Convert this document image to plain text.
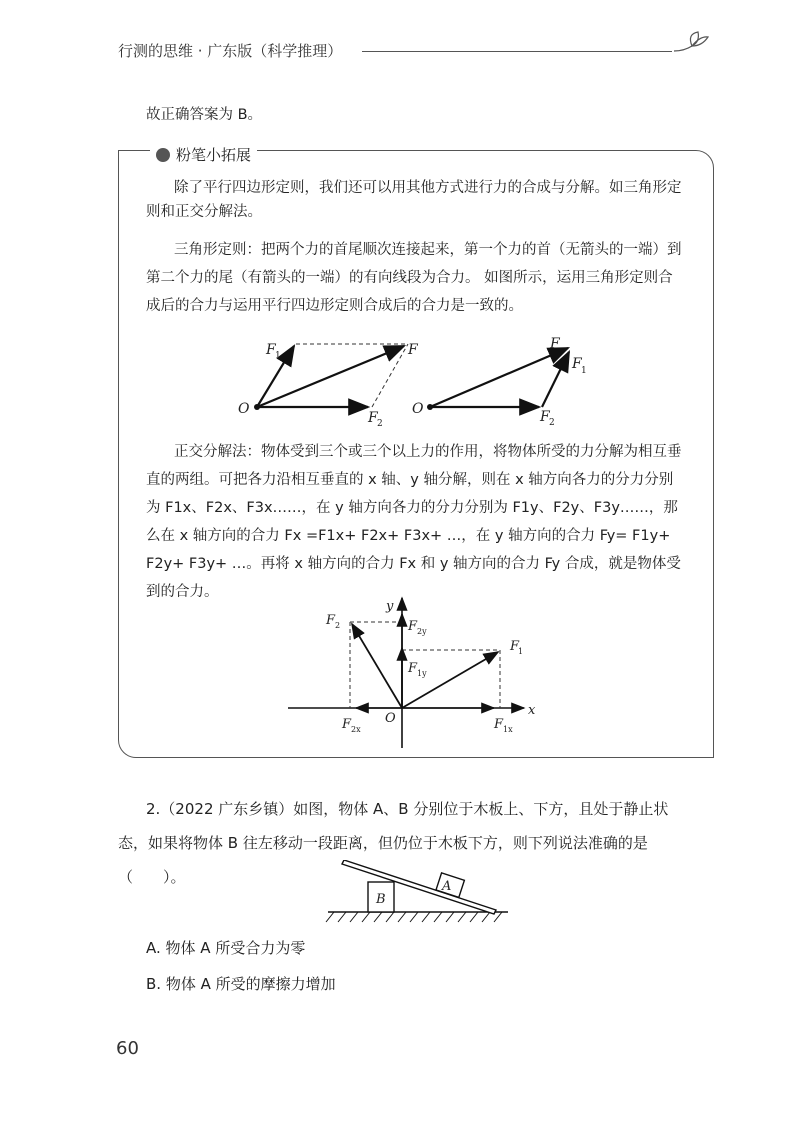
行测的思维 · 广东版（科学推理）
故正确答案为 B。
粉笔小拓展
除了平行四边形定则，我们还可以用其他方式进行力的合成与分解。如三角形定则和正交分解法。
三角形定则：把两个力的首尾顺次连接起来，第一个力的首（无箭头的一端）到第二个力的尾（有箭头的一端）的有向线段为合力。 如图所示，运用三角形定则合成后的合力与运用平行四边形定则合成后的合力是一致的。
O
F 1	F
F 2
O
F
F 1
F 2
正交分解法：物体受到三个或三个以上力的作用，将物体所受的力分解为相互垂直的两组。可把各力沿相互垂直的 x 轴、y 轴分解，则在 x 轴方向各力的分力分别为 F1x、F2x、F3x……，在 y 轴方向各力的分力分别为 F1y、F2y、F3y……，那么在 x 轴方向的合力 Fx =F1x+ F2x+ F3x+ …，在 y 轴方向的合力 Fy= F1y+ F2y+ F3y+ …。再将 x 轴方向的合力 Fx 和 y 轴方向的合力 Fy 合成，就是物体受到的合力。
x
y
O
F
1
F 2	F 2y
F 1y
F 1x
F 2x
2.（2022 广东乡镇）如图，物体 A、B 分别位于木板上、下方，且处于静止状态，如果将物体 B 往左移动一段距离，但仍位于木板下方，则下列说法准确的是（　　）。
B
A
A. 物体 A 所受合力为零
B. 物体 A 所受的摩擦力增加
60
